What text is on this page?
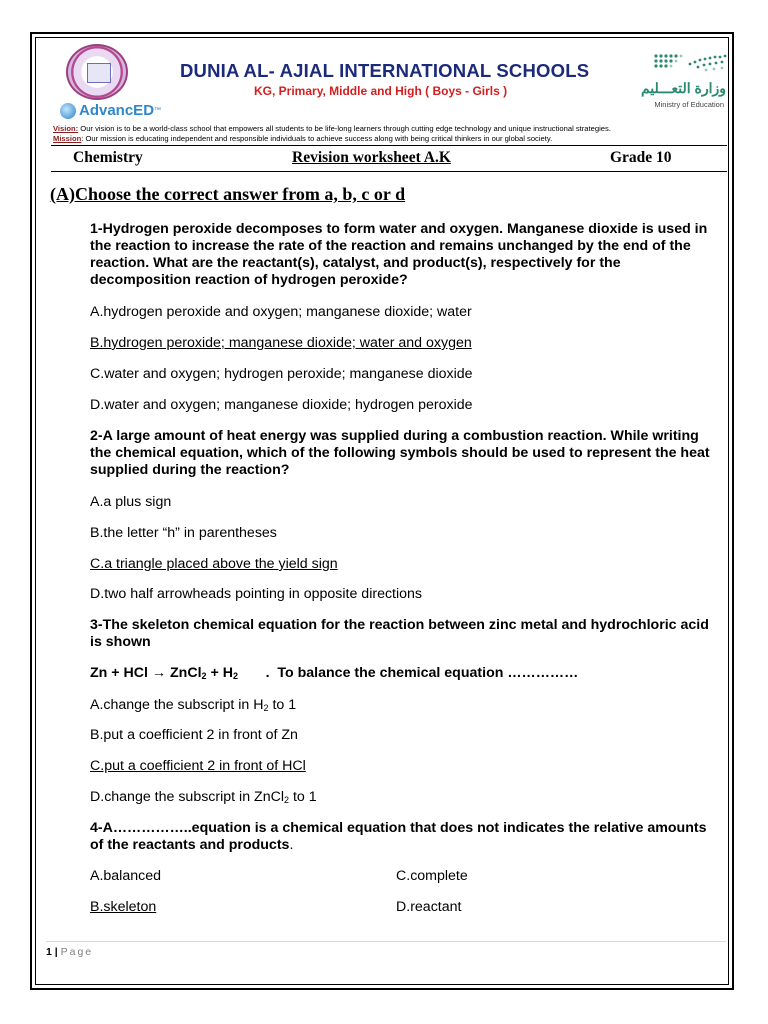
AdvancED ™
DUNIA AL- AJIAL INTERNATIONAL SCHOOLS
KG, Primary, Middle and High ( Boys - Girls )	وزارة التعـــليم
Ministry of Education
Vision: Our vision is to be a world-class school that empowers all students to be life-long learners through cutting edge technology and unique instructional strategies.
Mission: Our mission is educating independent and responsible individuals to achieve success along with being critical thinkers in our global society.
Chemistry	Revision worksheet A.K	Grade 10
(A)Choose the correct answer from a, b, c or d
1-Hydrogen peroxide decomposes to form water and oxygen. Manganese dioxide is used in the reaction to increase the rate of the reaction and remains unchanged by the end of the reaction. What are the reactant(s), catalyst, and product(s), respectively for the decomposition reaction of hydrogen peroxide?
A.hydrogen peroxide and oxygen; manganese dioxide; water
B.hydrogen peroxide; manganese dioxide; water and oxygen
C.water and oxygen; hydrogen peroxide; manganese dioxide
D.water and oxygen; manganese dioxide; hydrogen peroxide
2-A large amount of heat energy was supplied during a combustion reaction. While writing the chemical equation, which of the following symbols should be used to represent the heat supplied during the reaction?
A.a plus sign
B.the letter “h” in parentheses
C.a triangle placed above the yield sign
D.two half arrowheads pointing in opposite directions
3-The skeleton chemical equation for the reaction between zinc metal and hydrochloric acid is shown
Zn + HCl → ZnCl$_2$ + $H_2$       .  To balance the chemical equation ……………
A.change the subscript in $H_2$ to 1
B.put a coefficient 2 in front of Zn
C.put a coefficient 2 in front of HCl
D.change the subscript in ZnCl$_2$ to 1
4-A……………..equation is a chemical equation that does not indicates the relative amounts of the reactants and products.
A.balanced	C.complete
B.skeleton	D.reactant
1 | Page
